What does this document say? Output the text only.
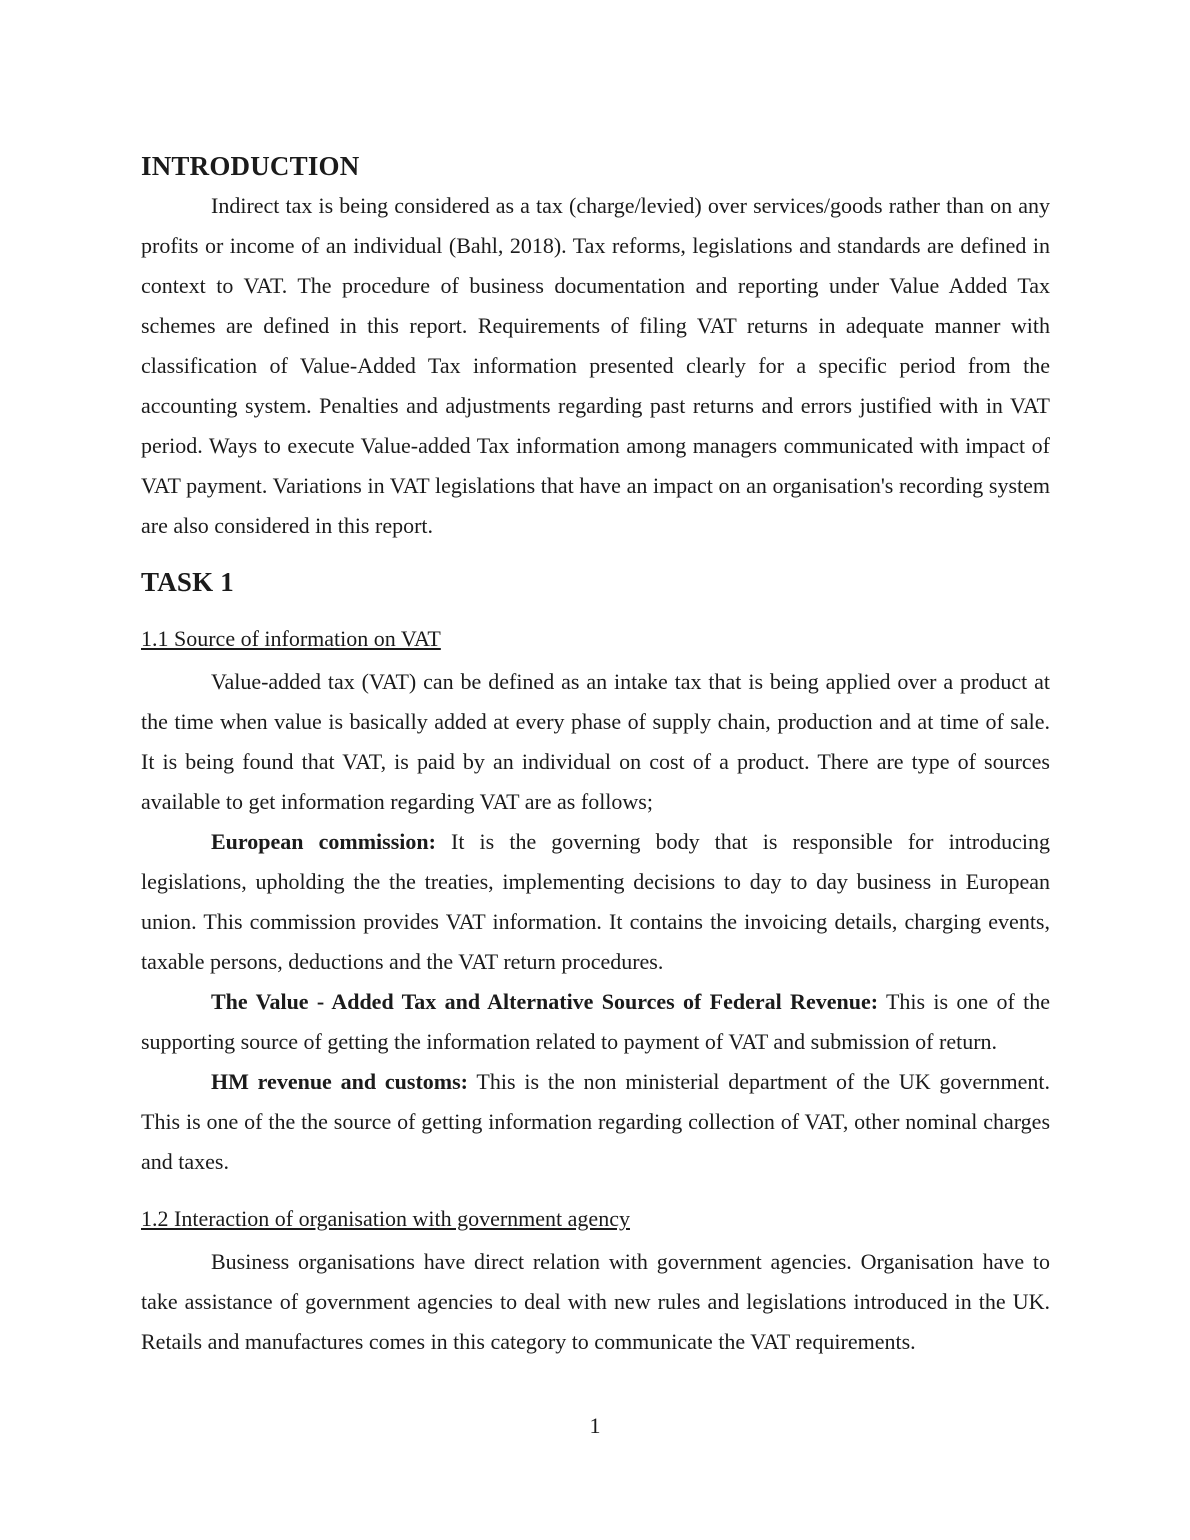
INTRODUCTION

Indirect tax is being considered as a tax (charge/levied) over services/goods rather than on any profits or income of an individual (Bahl, 2018). Tax reforms, legislations and standards are defined in context to VAT. The procedure of business documentation and reporting under Value Added Tax schemes are defined in this report. Requirements of filing VAT returns in adequate manner with classification of Value-Added Tax information presented clearly for a specific period from the accounting system. Penalties and adjustments regarding past returns and errors justified with in VAT period. Ways to execute Value-added Tax information among managers communicated with impact of VAT payment. Variations in VAT legislations that have an impact on an organisation's recording system are also considered in this report.

TASK 1
1.1 Source of information on VAT

Value-added tax (VAT) can be defined as an intake tax that is being applied over a product at the time when value is basically added at every phase of supply chain, production and at time of sale. It is being found that VAT, is paid by an individual on cost of a product. There are type of sources available to get information regarding VAT are as follows;

European commission: It is the governing body that is responsible for introducing legislations, upholding the the treaties, implementing decisions to day to day business in European union. This commission provides VAT information. It contains the invoicing details, charging events, taxable persons, deductions and the VAT return procedures.

The Value - Added Tax and Alternative Sources of Federal Revenue: This is one of the supporting source of getting the information related to payment of VAT and submission of return.

HM revenue and customs: This is the non ministerial department of the UK government. This is one of the the source of getting information regarding collection of VAT, other nominal charges and taxes.

1.2 Interaction of organisation with government agency

Business organisations have direct relation with government agencies. Organisation have to take assistance of government agencies to deal with new rules and legislations introduced in the UK. Retails and manufactures comes in this category to communicate the VAT requirements.

1
